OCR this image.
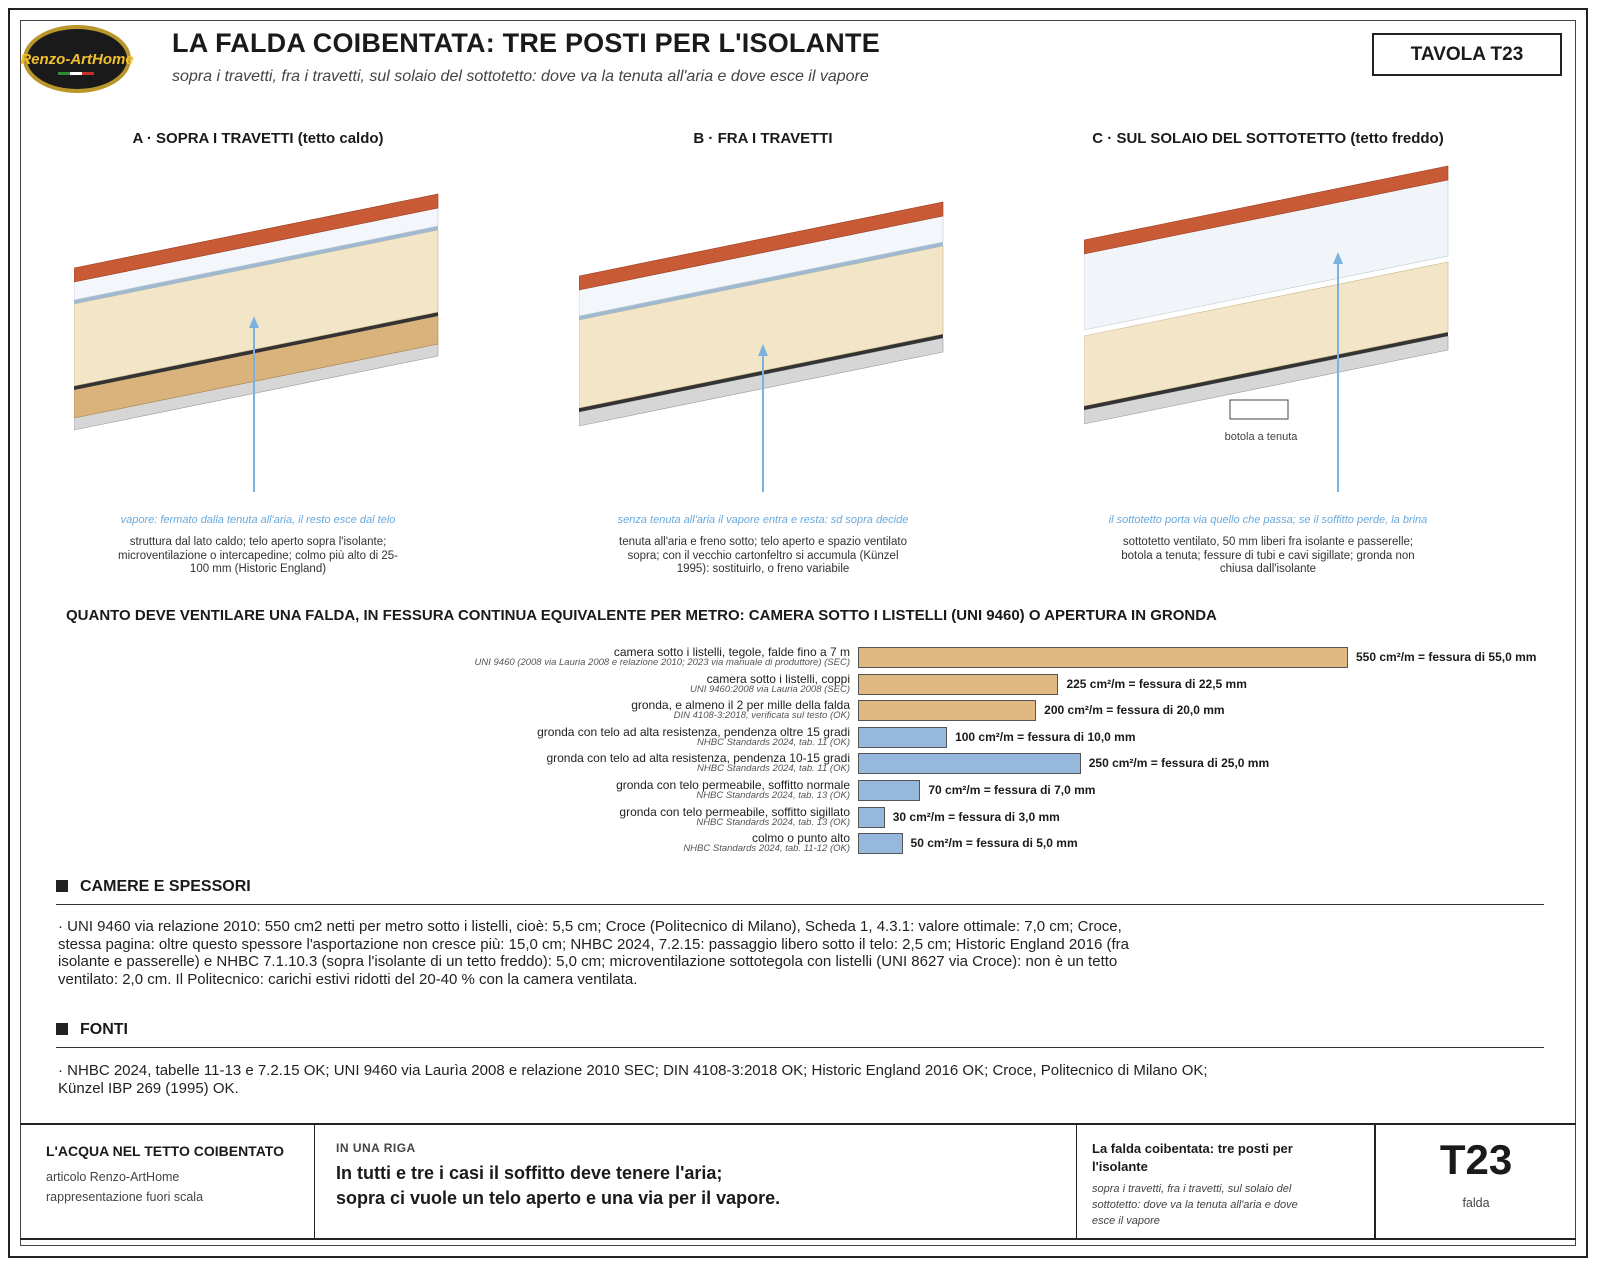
Renzo-ArtHome
LA FALDA COIBENTATA: TRE POSTI PER L'ISOLANTE
sopra i travetti, fra i travetti, sul solaio del sottotetto: dove va la tenuta all'aria e dove esce il vapore
TAVOLA T23
A · SOPRA I TRAVETTI (tetto caldo)	B · FRA I TRAVETTI	C · SUL SOLAIO DEL SOTTOTETTO (tetto freddo)
botola a tenuta
vapore: fermato dalla tenuta all'aria, il resto esce dal telo	senza tenuta all'aria il vapore entra e resta: sd sopra decide	il sottotetto porta via quello che passa; se il soffitto perde, la brina
struttura dal lato caldo; telo aperto sopra l'isolante; microventilazione o intercapedine; colmo più alto di 25-100 mm (Historic England)
tenuta all'aria e freno sotto; telo aperto e spazio ventilato sopra; con il vecchio cartonfeltro si accumula (Künzel 1995): sostituirlo, o freno variabile
sottotetto ventilato, 50 mm liberi fra isolante e passerelle; botola a tenuta; fessure di tubi e cavi sigillate; gronda non chiusa dall'isolante
QUANTO DEVE VENTILARE UNA FALDA, IN FESSURA CONTINUA EQUIVALENTE PER METRO: CAMERA SOTTO I LISTELLI (UNI 9460) O APERTURA IN GRONDA
camera sotto i listelli, tegole, falde fino a 7 m
UNI 9460 (2008 via Lauria 2008 e relazione 2010; 2023 via manuale di produttore) (SEC)	550 cm²/m = fessura di 55,0 mm
camera sotto i listelli, coppi
UNI 9460:2008 via Lauria 2008 (SEC)	225 cm²/m = fessura di 22,5 mm
gronda, e almeno il 2 per mille della falda
DIN 4108-3:2018, verificata sul testo (OK)	200 cm²/m = fessura di 20,0 mm
gronda con telo ad alta resistenza, pendenza oltre 15 gradi
NHBC Standards 2024, tab. 11 (OK)	100 cm²/m = fessura di 10,0 mm
gronda con telo ad alta resistenza, pendenza 10-15 gradi
NHBC Standards 2024, tab. 11 (OK)	250 cm²/m = fessura di 25,0 mm
gronda con telo permeabile, soffitto normale
NHBC Standards 2024, tab. 13 (OK)	70 cm²/m = fessura di 7,0 mm
gronda con telo permeabile, soffitto sigillato
NHBC Standards 2024, tab. 13 (OK)	30 cm²/m = fessura di 3,0 mm
colmo o punto alto
NHBC Standards 2024, tab. 11-12 (OK)	50 cm²/m = fessura di 5,0 mm
CAMERE E SPESSORI
· UNI 9460 via relazione 2010: 550 cm2 netti per metro sotto i listelli, cioè: 5,5 cm; Croce (Politecnico di Milano), Scheda 1, 4.3.1: valore ottimale: 7,0 cm; Croce, stessa pagina: oltre questo spessore l'asportazione non cresce più: 15,0 cm; NHBC 2024, 7.2.15: passaggio libero sotto il telo: 2,5 cm; Historic England 2016 (fra isolante e passerelle) e NHBC 7.1.10.3 (sopra l'isolante di un tetto freddo): 5,0 cm; microventilazione sottotegola con listelli (UNI 8627 via Croce): non è un tetto ventilato: 2,0 cm. Il Politecnico: carichi estivi ridotti del 20-40 % con la camera ventilata.
FONTI
· NHBC 2024, tabelle 11-13 e 7.2.15 OK; UNI 9460 via Laurìa 2008 e relazione 2010 SEC; DIN 4108-3:2018 OK; Historic England 2016 OK; Croce, Politecnico di Milano OK; Künzel IBP 269 (1995) OK.
L'ACQUA NEL TETTO COIBENTATO
articolo Renzo-ArtHome
rappresentazione fuori scala
IN UNA RIGA
In tutti e tre i casi il soffitto deve tenere l'aria;
sopra ci vuole un telo aperto e una via per il vapore.
La falda coibentata: tre posti per l'isolante
sopra i travetti, fra i travetti, sul solaio del sottotetto: dove va la tenuta all'aria e dove esce il vapore
T23
falda
